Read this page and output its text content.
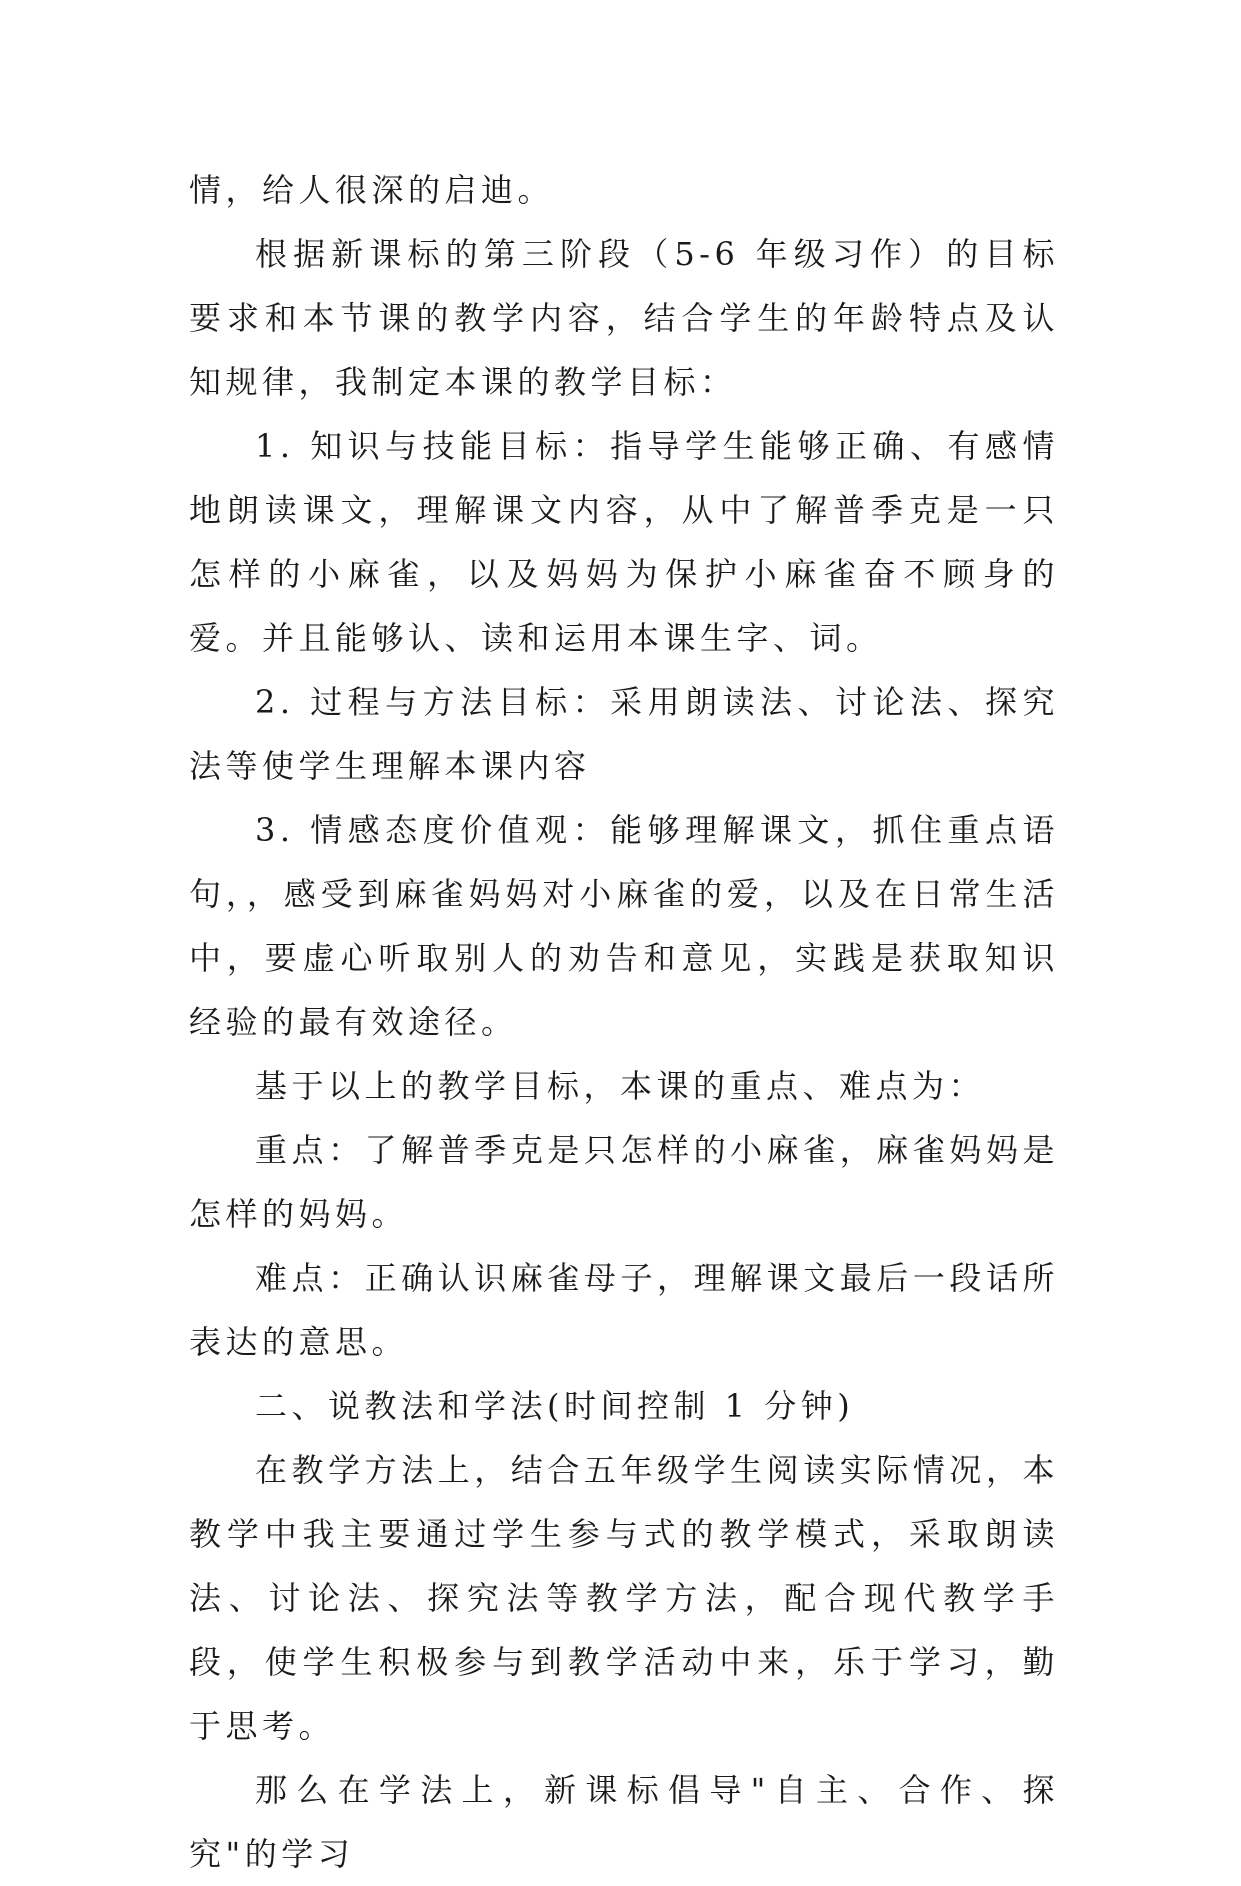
情，给人很深的启迪。

根据新课标的第三阶段（5-6 年级习作）的目标要求和本节课的教学内容，结合学生的年龄特点及认知规律，我制定本课的教学目标：

1. 知识与技能目标：指导学生能够正确、有感情地朗读课文，理解课文内容，从中了解普季克是一只怎样的小麻雀，以及妈妈为保护小麻雀奋不顾身的爱。并且能够认、读和运用本课生字、词。

2. 过程与方法目标：采用朗读法、讨论法、探究法等使学生理解本课内容

3. 情感态度价值观：能够理解课文，抓住重点语句，，感受到麻雀妈妈对小麻雀的爱，以及在日常生活中，要虚心听取别人的劝告和意见，实践是获取知识经验的最有效途径。

基于以上的教学目标，本课的重点、难点为：

重点：了解普季克是只怎样的小麻雀，麻雀妈妈是怎样的妈妈。

难点：正确认识麻雀母子，理解课文最后一段话所表达的意思。

二、说教法和学法(时间控制 1 分钟)

在教学方法上，结合五年级学生阅读实际情况，本教学中我主要通过学生参与式的教学模式，采取朗读法、讨论法、探究法等教学方法，配合现代教学手段，使学生积极参与到教学活动中来，乐于学习，勤于思考。

那么在学法上，新课标倡导"自主、合作、探究"的学习
